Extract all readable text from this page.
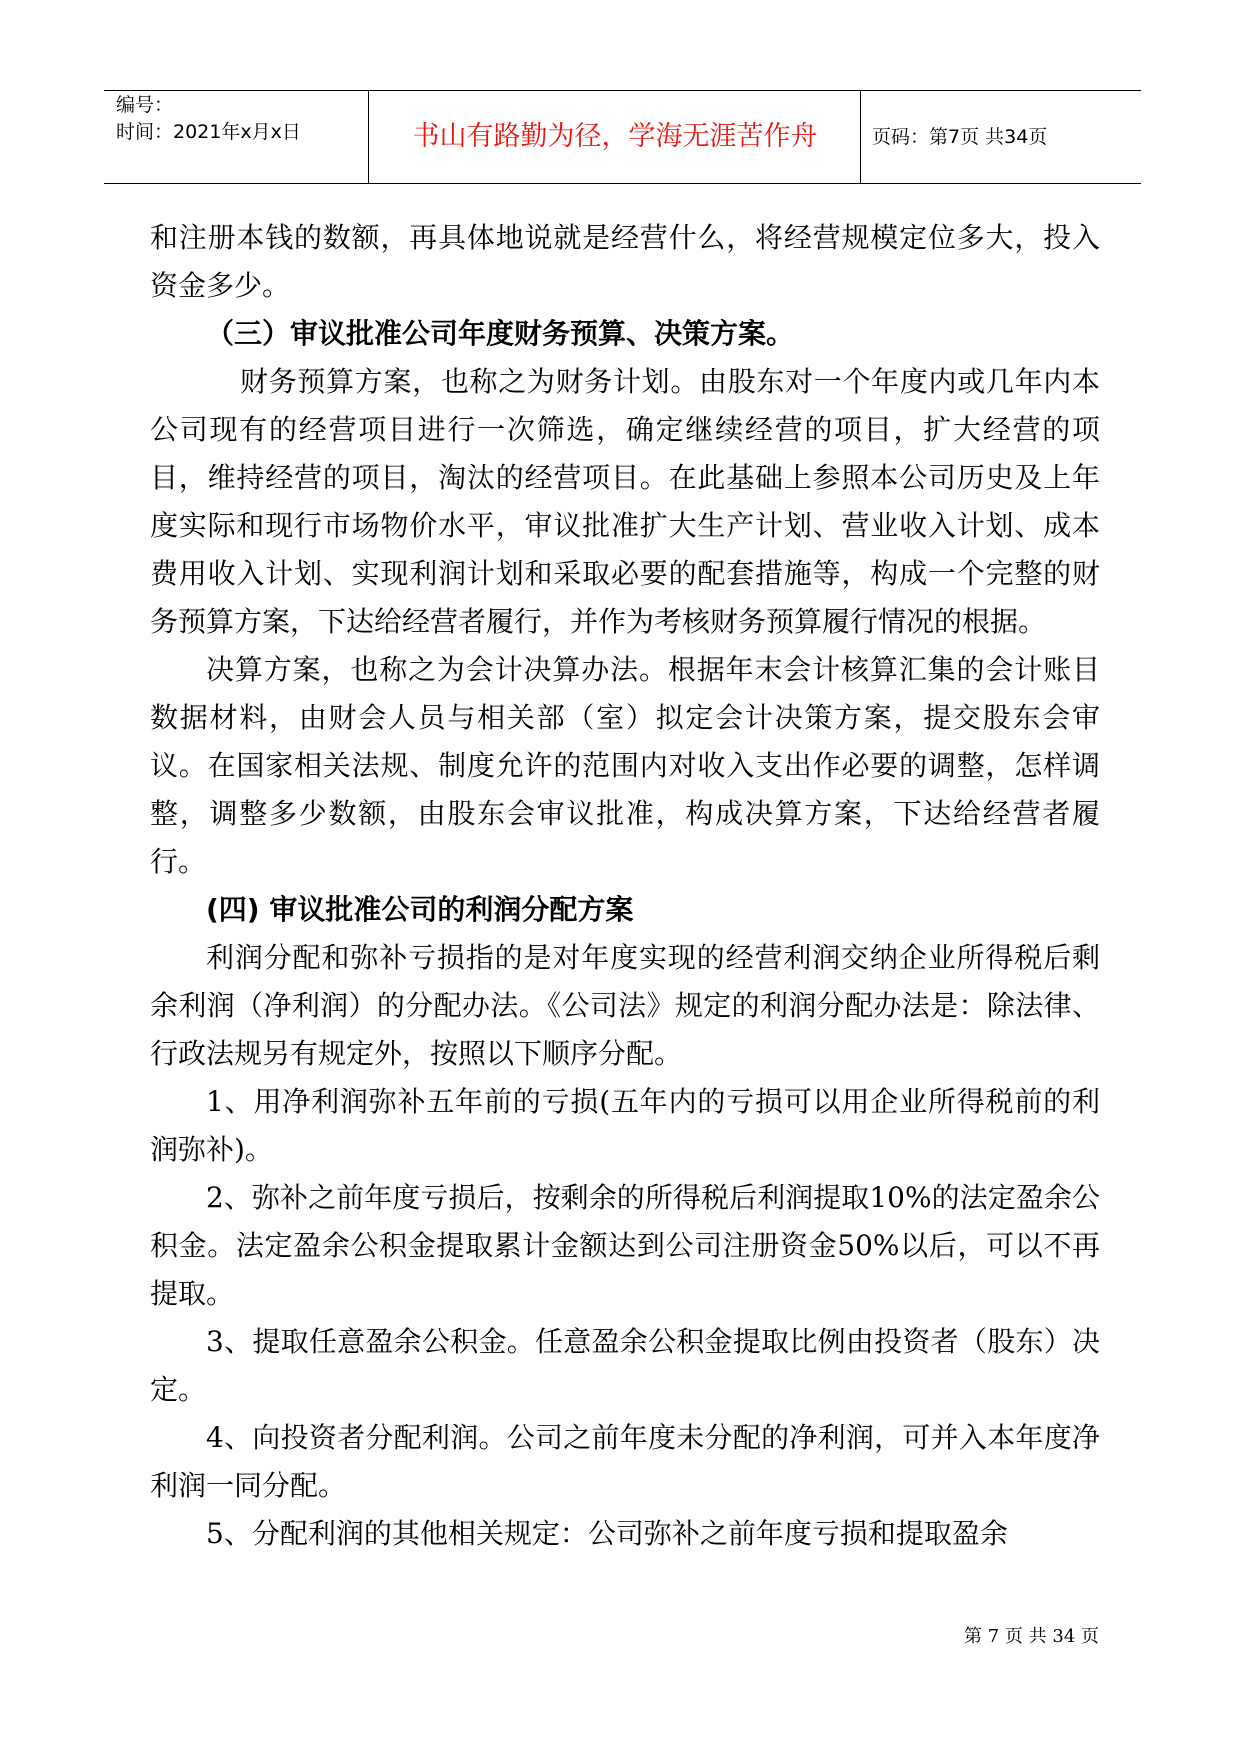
编号：
时间：2021年x月x日	书山有路勤为径，学海无涯苦作舟	页码：第7页 共34页

和注册本钱的数额，再具体地说就是经营什么，将经营规模定位多大，投入资金多少。

（三）审议批准公司年度财务预算、决策方案。

财务预算方案，也称之为财务计划。由股东对一个年度内或几年内本公司现有的经营项目进行一次筛选，确定继续经营的项目，扩大经营的项目，维持经营的项目，淘汰的经营项目。在此基础上参照本公司历史及上年度实际和现行市场物价水平，审议批准扩大生产计划、营业收入计划、成本费用收入计划、实现利润计划和采取必要的配套措施等，构成一个完整的财务预算方案，下达给经营者履行，并作为考核财务预算履行情况的根据。

决算方案，也称之为会计决算办法。根据年末会计核算汇集的会计账目数据材料，由财会人员与相关部（室）拟定会计决策方案，提交股东会审议。在国家相关法规、制度允许的范围内对收入支出作必要的调整，怎样调整，调整多少数额，由股东会审议批准，构成决算方案，下达给经营者履行。

(四) 审议批准公司的利润分配方案

利润分配和弥补亏损指的是对年度实现的经营利润交纳企业所得税后剩余利润（净利润）的分配办法。《公司法》规定的利润分配办法是：除法律、行政法规另有规定外，按照以下顺序分配。

1、用净利润弥补五年前的亏损(五年内的亏损可以用企业所得税前的利润弥补)。

2、弥补之前年度亏损后，按剩余的所得税后利润提取10%的法定盈余公积金。法定盈余公积金提取累计金额达到公司注册资金50%以后，可以不再提取。

3、提取任意盈余公积金。任意盈余公积金提取比例由投资者（股东）决定。

4、向投资者分配利润。公司之前年度未分配的净利润，可并入本年度净利润一同分配。

5、分配利润的其他相关规定：公司弥补之前年度亏损和提取盈余

第 7 页 共 34 页
